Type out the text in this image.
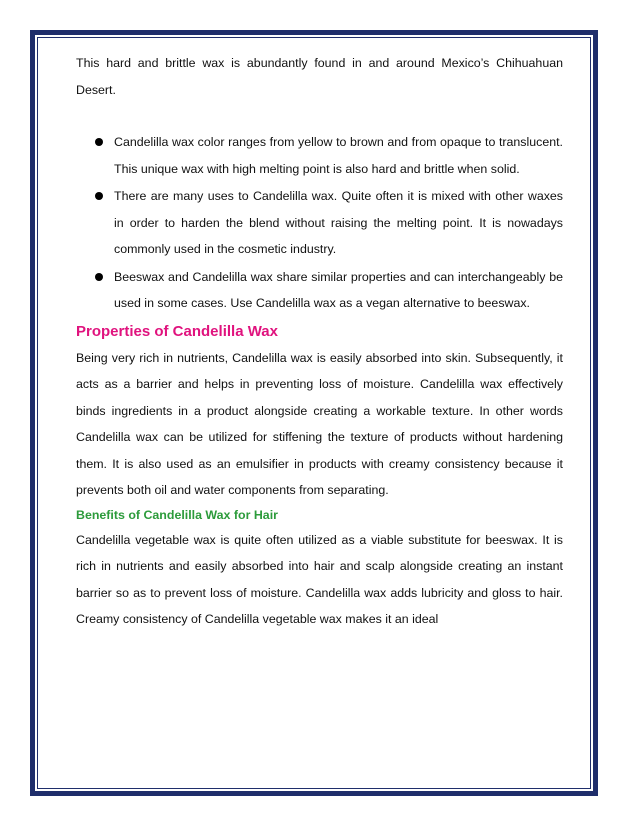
This hard and brittle wax is abundantly found in and around Mexico’s Chihuahuan Desert.

Candelilla wax color ranges from yellow to brown and from opaque to translucent. This unique wax with high melting point is also hard and brittle when solid.
There are many uses to Candelilla wax. Quite often it is mixed with other waxes in order to harden the blend without raising the melting point. It is nowadays commonly used in the cosmetic industry.
Beeswax and Candelilla wax share similar properties and can interchangeably be used in some cases. Use Candelilla wax as a vegan alternative to beeswax.
Properties of Candelilla Wax

Being very rich in nutrients, Candelilla wax is easily absorbed into skin. Subsequently, it acts as a barrier and helps in preventing loss of moisture. Candelilla wax effectively binds ingredients in a product alongside creating a workable texture. In other words Candelilla wax can be utilized for stiffening the texture of products without hardening them. It is also used as an emulsifier in products with creamy consistency because it prevents both oil and water components from separating.

Benefits of Candelilla Wax for Hair

Candelilla vegetable wax is quite often utilized as a viable substitute for beeswax. It is rich in nutrients and easily absorbed into hair and scalp alongside creating an instant barrier so as to prevent loss of moisture. Candelilla wax adds lubricity and gloss to hair. Creamy consistency of Candelilla vegetable wax makes it an ideal
